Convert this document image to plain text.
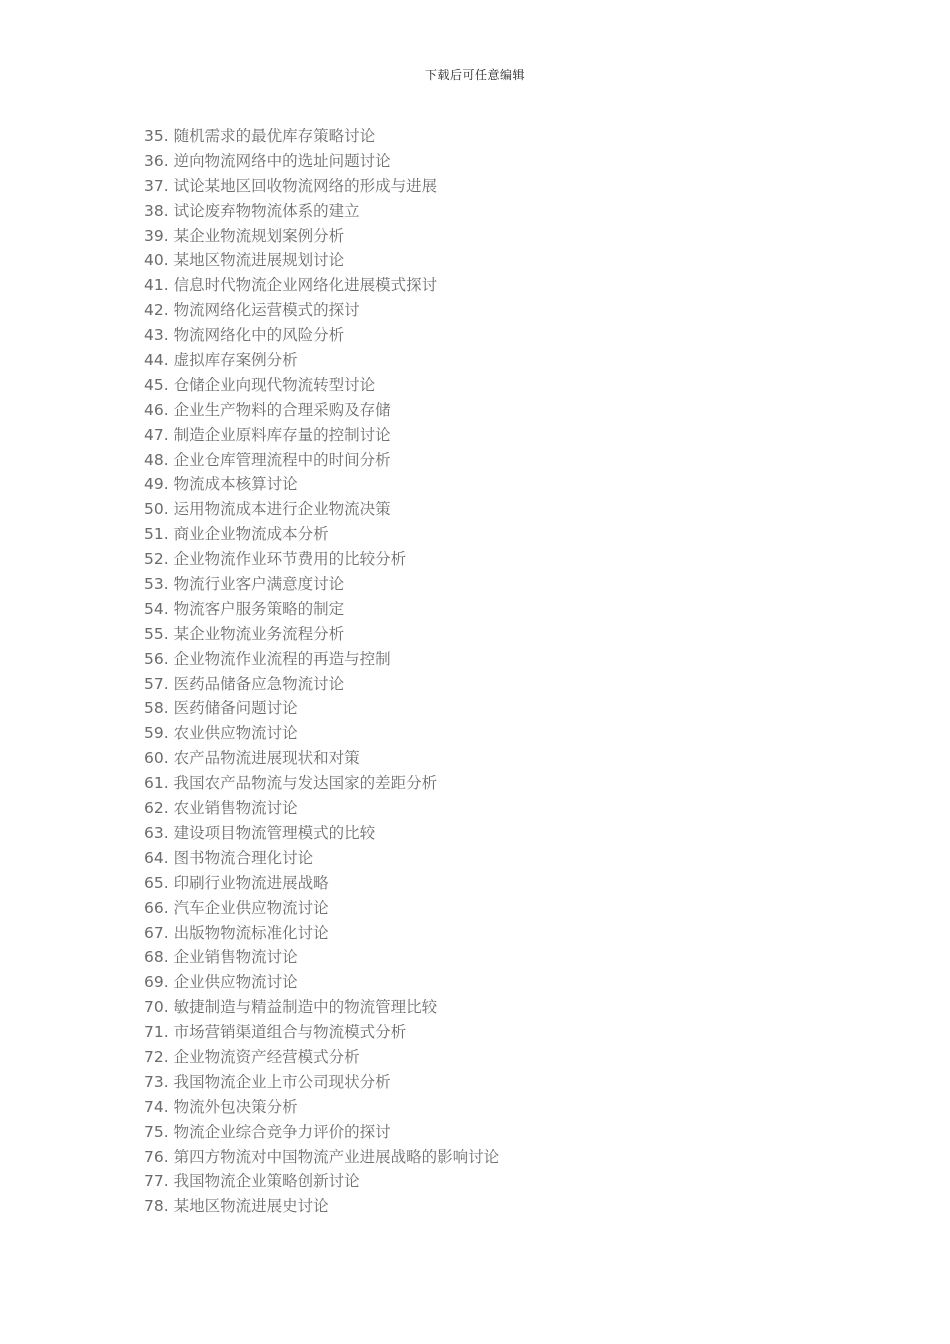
下载后可任意编辑
35. 随机需求的最优库存策略讨论
36. 逆向物流网络中的选址问题讨论
37. 试论某地区回收物流网络的形成与进展
38. 试论废弃物物流体系的建立
39. 某企业物流规划案例分析
40. 某地区物流进展规划讨论
41. 信息时代物流企业网络化进展模式探讨
42. 物流网络化运营模式的探讨
43. 物流网络化中的风险分析
44. 虚拟库存案例分析
45. 仓储企业向现代物流转型讨论
46. 企业生产物料的合理采购及存储
47. 制造企业原料库存量的控制讨论
48. 企业仓库管理流程中的时间分析
49. 物流成本核算讨论
50. 运用物流成本进行企业物流决策
51. 商业企业物流成本分析
52. 企业物流作业环节费用的比较分析
53. 物流行业客户满意度讨论
54. 物流客户服务策略的制定
55. 某企业物流业务流程分析
56. 企业物流作业流程的再造与控制
57. 医药品储备应急物流讨论
58. 医药储备问题讨论
59. 农业供应物流讨论
60. 农产品物流进展现状和对策
61. 我国农产品物流与发达国家的差距分析
62. 农业销售物流讨论
63. 建设项目物流管理模式的比较
64. 图书物流合理化讨论
65. 印刷行业物流进展战略
66. 汽车企业供应物流讨论
67. 出版物物流标准化讨论
68. 企业销售物流讨论
69. 企业供应物流讨论
70. 敏捷制造与精益制造中的物流管理比较
71. 市场营销渠道组合与物流模式分析
72. 企业物流资产经营模式分析
73. 我国物流企业上市公司现状分析
74. 物流外包决策分析
75. 物流企业综合竞争力评价的探讨
76. 第四方物流对中国物流产业进展战略的影响讨论
77. 我国物流企业策略创新讨论
78. 某地区物流进展史讨论
